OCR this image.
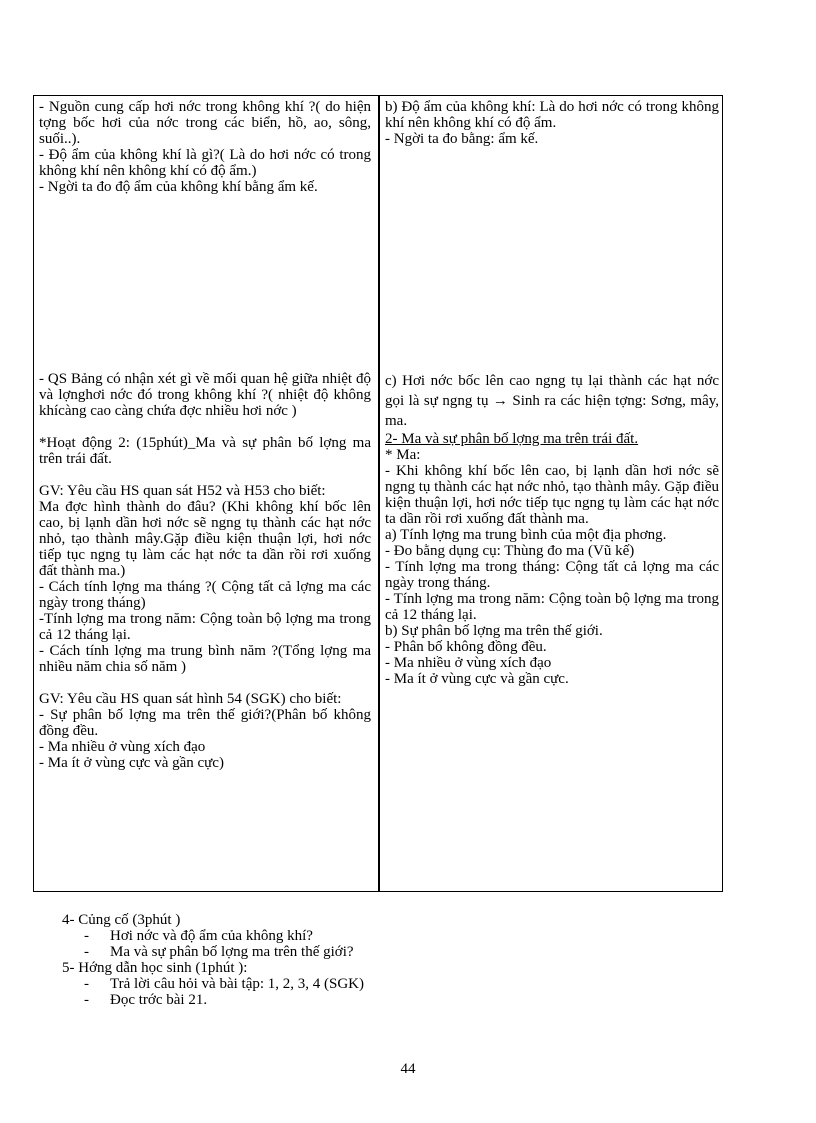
- Nguồn cung cấp hơi nớc trong không khí ?( do hiện tợng bốc hơi của nớc trong các biển, hồ, ao, sông, suối..).

- Độ ẩm của không khí là gì?( Là do hơi nớc có trong không khí nên không khí có độ ẩm.)

- Ngời ta đo độ ẩm của không khí bằng ẩm kế.

b) Độ ẩm của không khí: Là do hơi nớc có trong không khí nên không khí có độ ẩm.

- Ngời ta đo bằng: ẩm kế.

- QS Bảng có nhận xét gì về mối quan hệ giữa nhiệt độ và lợnghơi nớc đó trong không khí ?( nhiệt độ không khícàng cao càng chứa đợc nhiều hơi nớc )

*Hoạt động 2: (15phút)_Ma và sự phân bố lợng ma trên trái đất.

GV: Yêu cầu HS quan sát H52 và H53 cho biết:

Ma đợc hình thành do đâu? (Khi không khí bốc lên cao, bị lạnh dần hơi nớc sẽ ngng tụ thành các hạt nớc nhỏ, tạo thành mây.Gặp điều kiện thuận lợi, hơi nớc tiếp tục ngng tụ làm các hạt nớc ta dần rồi rơi xuống đất thành ma.)

- Cách tính lợng ma tháng ?( Cộng tất cả lợng ma các ngày trong tháng)

-Tính lợng ma trong năm: Cộng toàn bộ lợng ma trong cả 12 tháng lại.

- Cách tính lợng ma trung bình năm ?(Tổng lợng ma nhiều năm chia số năm )

GV: Yêu cầu HS quan sát hình 54 (SGK) cho biết:

- Sự phân bố lợng ma trên thế giới?(Phân bố không đồng đều.

- Ma nhiều ở vùng xích đạo

- Ma ít ở vùng cực và gần cực)

c) Hơi nớc bốc lên cao ngng tụ lại thành các hạt nớc gọi là sự ngng tụ → Sinh ra các hiện tợng: Sơng, mây, ma.

2- Ma và sự phân bố lợng ma trên trái đất.

* Ma:

- Khi không khí bốc lên cao, bị lạnh dần hơi nớc sẽ ngng tụ thành các hạt nớc nhỏ, tạo thành mây. Gặp điều kiện thuận lợi, hơi nớc tiếp tục ngng tụ làm các hạt nớc ta dần rồi rơi xuống đất thành ma.

a) Tính lợng ma trung bình của một địa phơng.

- Đo bằng dụng cụ: Thùng đo ma (Vũ kế)

- Tính lợng ma trong tháng: Cộng tất cả lợng ma các ngày trong tháng.

- Tính lợng ma trong năm: Cộng toàn bộ lợng ma trong cả 12 tháng lại.

b) Sự phân bố lợng ma trên thế giới.

- Phân bố không đồng đều.

- Ma nhiều ở vùng xích đạo

- Ma ít ở vùng cực và gần cực.

4- Củng cố (3phút )

- Hơi nớc và độ ẩm của không khí?

- Ma và sự phân bố lợng ma trên thế giới?

5- Hớng dẫn học sinh (1phút ):

- Trả lời câu hỏi và bài tập: 1, 2, 3, 4 (SGK)

- Đọc trớc bài 21.

44
